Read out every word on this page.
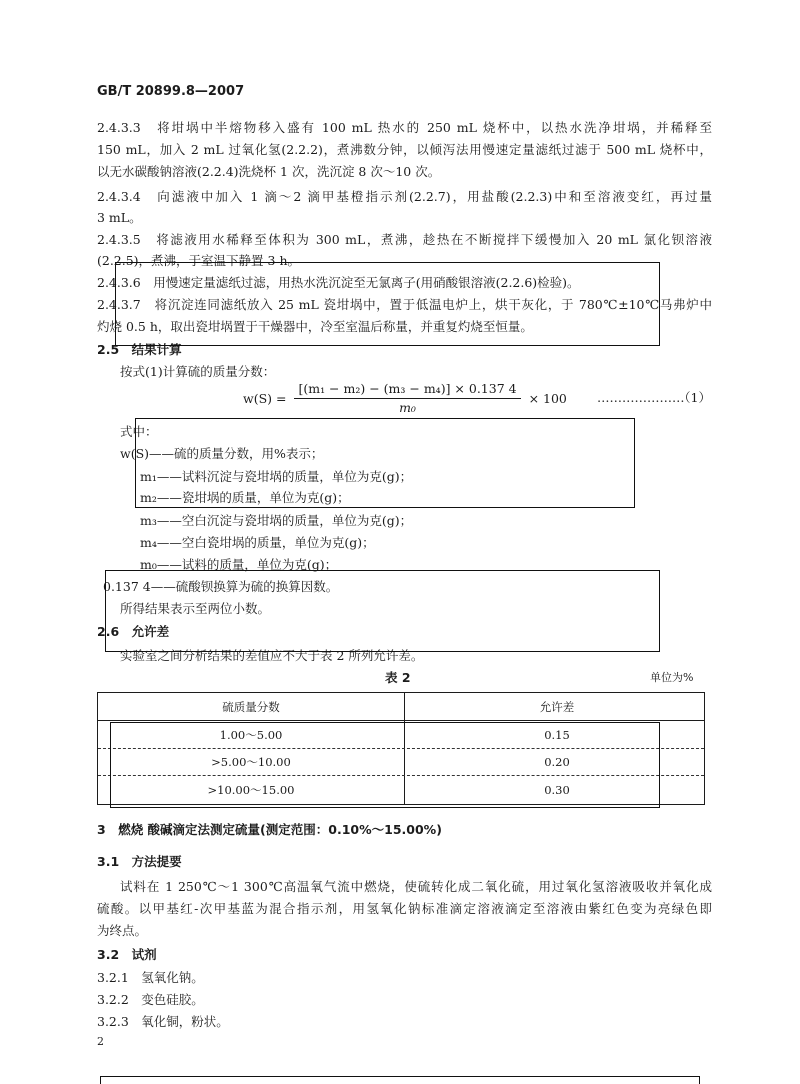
GB/T 20899.8—2007
2.4.3.3　将坩埚中半熔物移入盛有 100 mL 热水的 250 mL 烧杯中，以热水洗净坩埚，并稀释至
150 mL，加入 2 mL 过氧化氢(2.2.2)，煮沸数分钟，以倾泻法用慢速定量滤纸过滤于 500 mL 烧杯中，
以无水碳酸钠溶液(2.2.4)洗烧杯 1 次，洗沉淀 8 次～10 次。
2.4.3.4　向滤液中加入 1 滴～2 滴甲基橙指示剂(2.2.7)，用盐酸(2.2.3)中和至溶液变红，再过量
3 mL。
2.4.3.5　将滤液用水稀释至体积为 300 mL，煮沸，趁热在不断搅拌下缓慢加入 20 mL 氯化钡溶液
(2.2.5)，煮沸，于室温下静置 3 h。
2.4.3.6　用慢速定量滤纸过滤，用热水洗沉淀至无氯离子(用硝酸银溶液(2.2.6)检验)。
2.4.3.7　将沉淀连同滤纸放入 25 mL 瓷坩埚中，置于低温电炉上，烘干灰化，于 780℃±10℃马弗炉中
灼烧 0.5 h，取出瓷坩埚置于干燥器中，冷至室温后称量，并重复灼烧至恒量。
2.5　结果计算
按式(1)计算硫的质量分数：
$w(S) = \frac{\text{[(m₁ − m₂) − (m₃ − m₄)] × 0.137 4}}{\text{m₀}} \times 100$ …………………
（1）
式中：
w(S)——硫的质量分数，用%表示；
m₁——试料沉淀与瓷坩埚的质量，单位为克(g)；
m₂——瓷坩埚的质量，单位为克(g)；
m₃——空白沉淀与瓷坩埚的质量，单位为克(g)；
m₄——空白瓷坩埚的质量，单位为克(g)；
m₀——试料的质量，单位为克(g)；
0.137 4——硫酸钡换算为硫的换算因数。
所得结果表示至两位小数。
2.6　允许差
实验室之间分析结果的差值应不大于表 2 所列允许差。
表 2	单位为%
硫质量分数	允许差
1.00～5.00	0.15
>5.00～10.00	0.20
>10.00～15.00	0.30
3　燃烧 酸碱滴定法测定硫量(测定范围：0.10%～15.00%)
3.1　方法提要
试料在 1 250℃～1 300℃高温氧气流中燃烧，使硫转化成二氧化硫，用过氧化氢溶液吸收并氧化成
硫酸。以甲基红-次甲基蓝为混合指示剂，用氢氧化钠标准滴定溶液滴定至溶液由紫红色变为亮绿色即
为终点。
3.2　试剂
3.2.1　氢氧化钠。
3.2.2　变色硅胶。
3.2.3　氧化铜，粉状。
2
